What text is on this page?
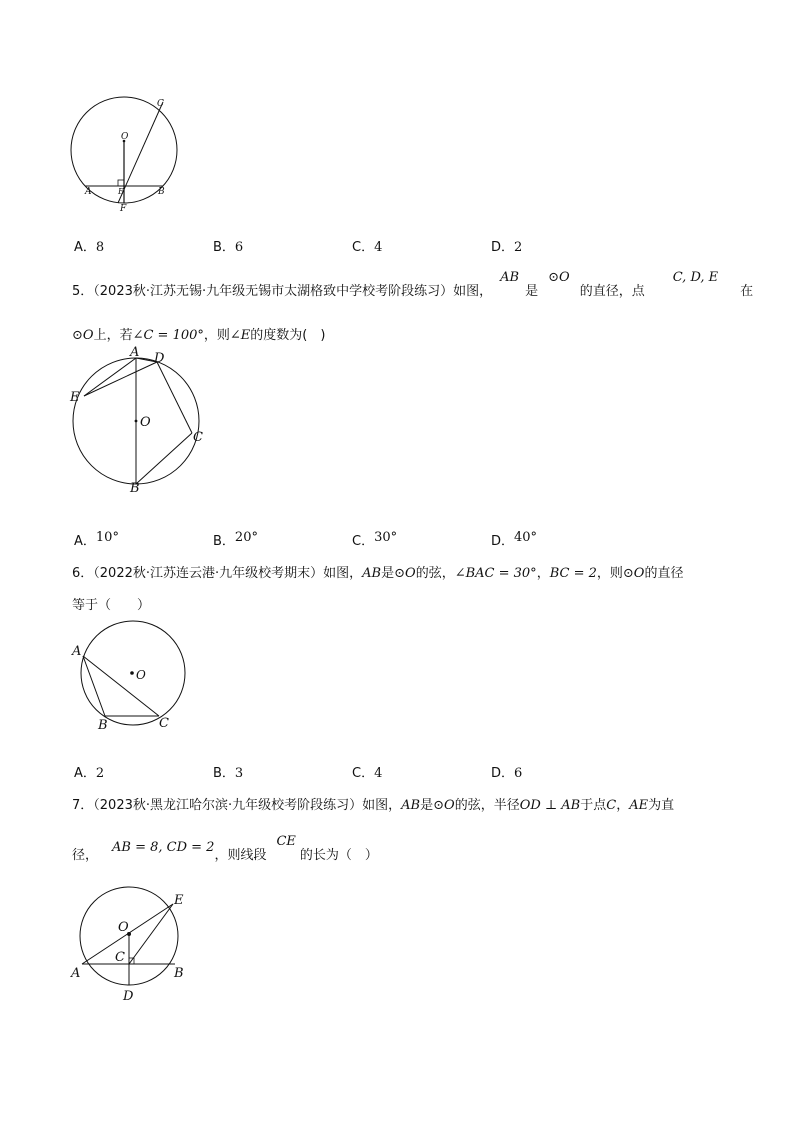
C
O
A	E	B
F
A．8	B．6	C．4	D．2
5．（2023秋·江苏无锡·九年级无锡市太湖格致中学校考阶段练习）如图，AB是⊙O的直径，点C, D, E在
⊙O上，若∠C = 100°，则∠E的度数为(　)
A D
E
O
C
B
A．10°	B．20°	C．30°	D．40°
6．（2022秋·江苏连云港·九年级校考期末）如图，AB是⊙O的弦，∠BAC = 30°，BC = 2，则⊙O的直径
等于（　　）
A
O
B	C
A．2	B．3	C．4	D．6
7．（2023秋·黑龙江哈尔滨·九年级校考阶段练习）如图，AB是⊙O的弦，半径OD ⊥ AB于点C，AE为直
径，AB = 8, CD = 2，则线段CE的长为（　）
E
O
C
A	B
D
